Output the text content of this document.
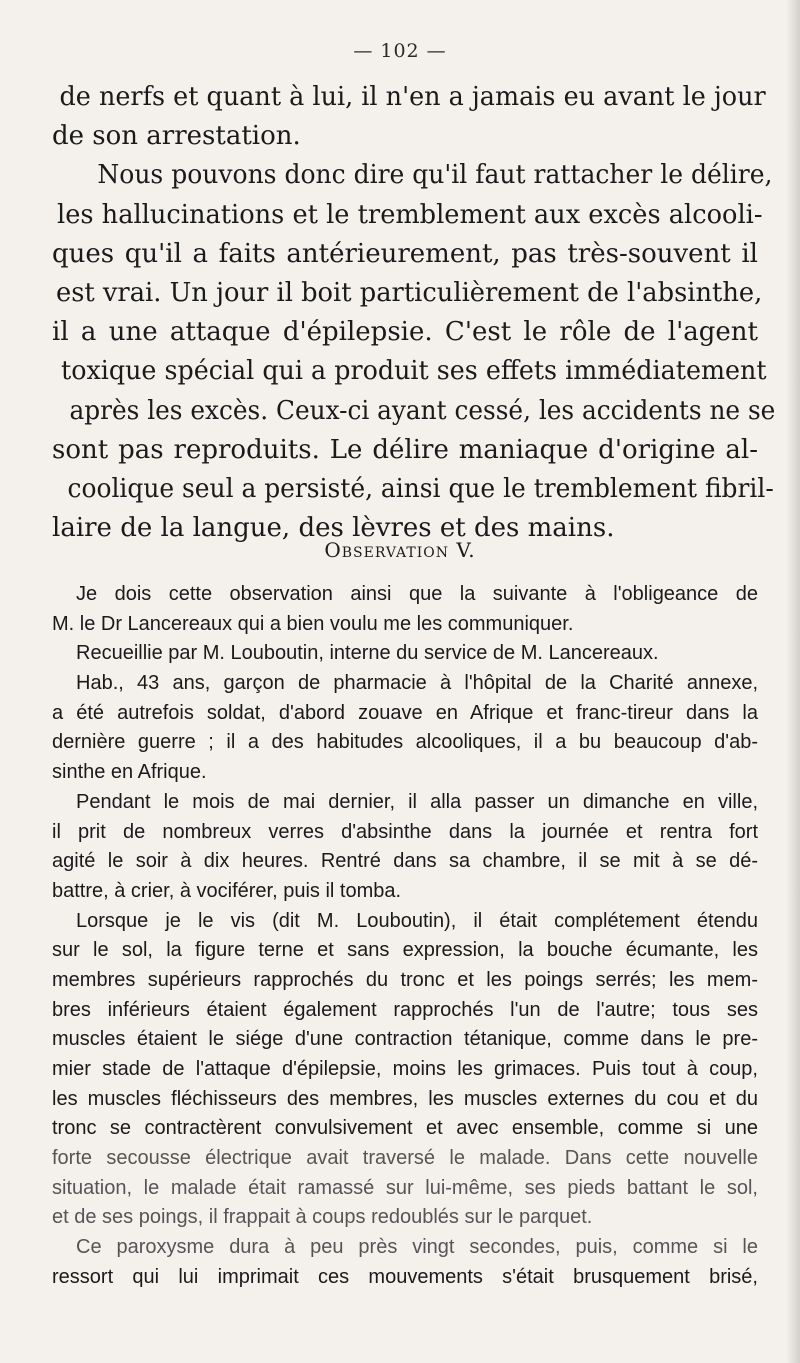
— 102 —
de nerfs et quant à lui, il n'en a jamais eu avant le jour
de son arrestation.
Nous pouvons donc dire qu'il faut rattacher le délire,
les hallucinations et le tremblement aux excès alcooli-
ques qu'il a faits antérieurement, pas très-souvent il
est vrai. Un jour il boit particulièrement de l'absinthe,
il a une attaque d'épilepsie. C'est le rôle de l'agent
toxique spécial qui a produit ses effets immédiatement
après les excès. Ceux-ci ayant cessé, les accidents ne se
sont pas reproduits. Le délire maniaque d'origine al-
coolique seul a persisté, ainsi que le tremblement fibril-
laire de la langue, des lèvres et des mains.
Observation V.
Je dois cette observation ainsi que la suivante à l'obligeance de
M. le Dr Lancereaux qui a bien voulu me les communiquer.
Recueillie par M. Louboutin, interne du service de M. Lancereaux.
Hab., 43 ans, garçon de pharmacie à l'hôpital de la Charité annexe,
a été autrefois soldat, d'abord zouave en Afrique et franc-tireur dans la
dernière guerre ; il a des habitudes alcooliques, il a bu beaucoup d'ab-
sinthe en Afrique.
Pendant le mois de mai dernier, il alla passer un dimanche en ville,
il prit de nombreux verres d'absinthe dans la journée et rentra fort
agité le soir à dix heures. Rentré dans sa chambre, il se mit à se dé-
battre, à crier, à vociférer, puis il tomba.
Lorsque je le vis (dit M. Louboutin), il était complétement étendu
sur le sol, la figure terne et sans expression, la bouche écumante, les
membres supérieurs rapprochés du tronc et les poings serrés; les mem-
bres inférieurs étaient également rapprochés l'un de l'autre; tous ses
muscles étaient le siége d'une contraction tétanique, comme dans le pre-
mier stade de l'attaque d'épilepsie, moins les grimaces. Puis tout à coup,
les muscles fléchisseurs des membres, les muscles externes du cou et du
tronc se contractèrent convulsivement et avec ensemble, comme si une
forte secousse électrique avait traversé le malade. Dans cette nouvelle
situation, le malade était ramassé sur lui-même, ses pieds battant le sol,
et de ses poings, il frappait à coups redoublés sur le parquet.
Ce paroxysme dura à peu près vingt secondes, puis, comme si le
ressort qui lui imprimait ces mouvements s'était brusquement brisé,
